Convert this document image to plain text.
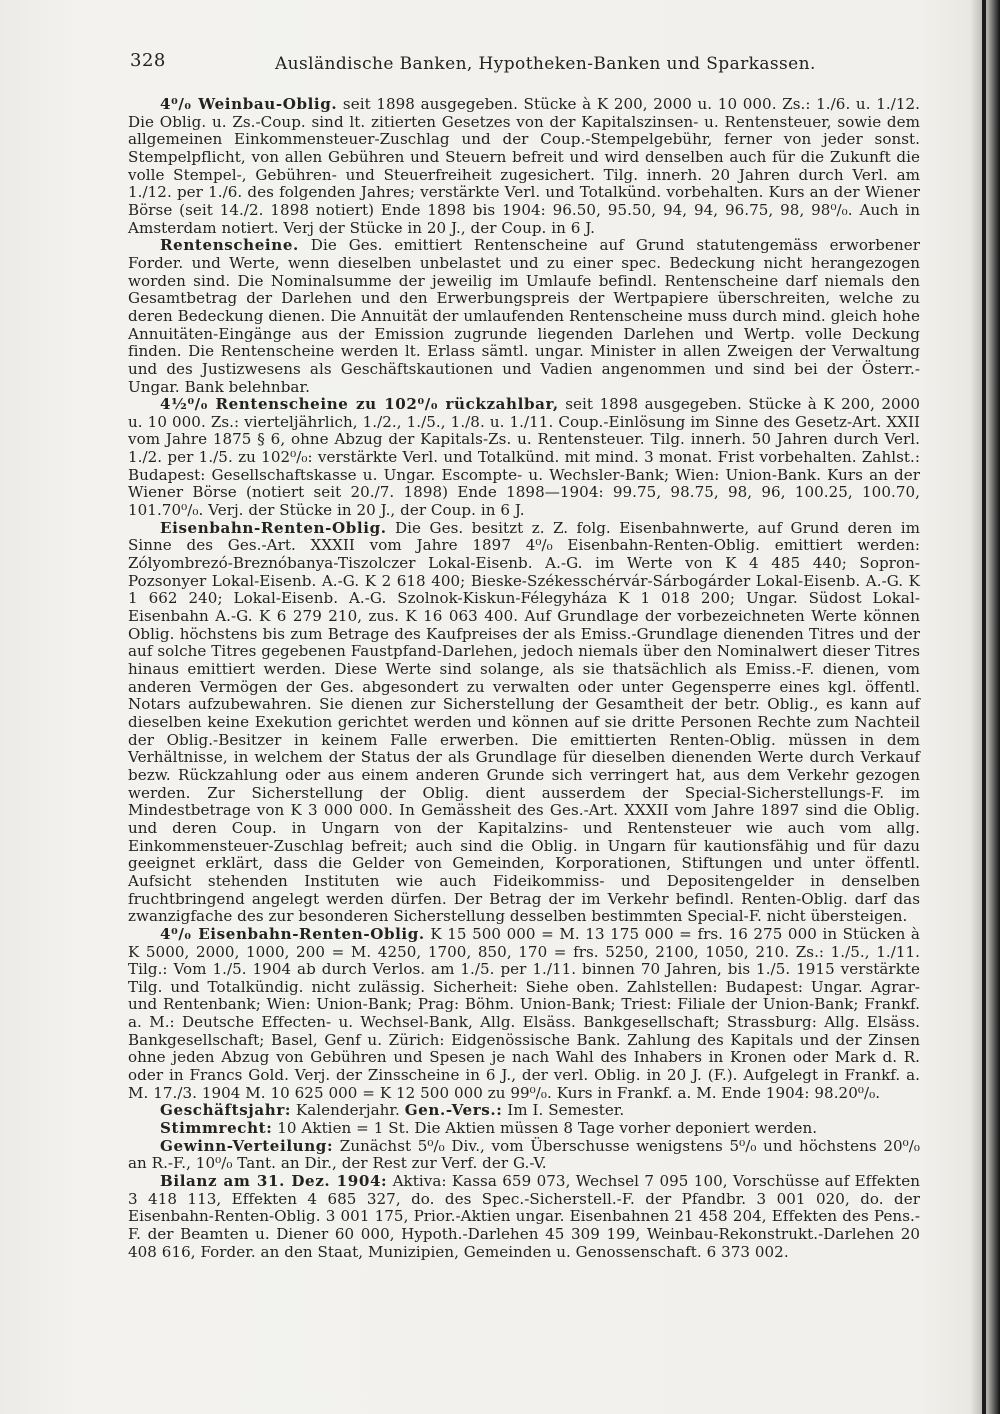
328	Ausländische Banken, Hypotheken-Banken und Sparkassen.

4⁰/₀ Weinbau-Oblig. seit 1898 ausgegeben. Stücke à K 200, 2000 u. 10 000. Zs.: 1./6. u. 1./12. Die Oblig. u. Zs.-Coup. sind lt. zitierten Gesetzes von der Kapitalszinsen- u. Rentensteuer, sowie dem allgemeinen Einkommensteuer-Zuschlag und der Coup.-Stempelgebühr, ferner von jeder sonst. Stempelpflicht, von allen Gebühren und Steuern befreit und wird denselben auch für die Zukunft die volle Stempel-, Gebühren- und Steuerfreiheit zugesichert. Tilg. innerh. 20 Jahren durch Verl. am 1./12. per 1./6. des folgenden Jahres; verstärkte Verl. und Totalkünd. vorbehalten. Kurs an der Wiener Börse (seit 14./2. 1898 notiert) Ende 1898 bis 1904: 96.50, 95.50, 94, 94, 96.75, 98, 98⁰/₀. Auch in Amsterdam notiert. Verj der Stücke in 20 J., der Coup. in 6 J.

Rentenscheine. Die Ges. emittiert Rentenscheine auf Grund statutengemäss erworbener Forder. und Werte, wenn dieselben unbelastet und zu einer spec. Bedeckung nicht herangezogen worden sind. Die Nominalsumme der jeweilig im Umlaufe befindl. Rentenscheine darf niemals den Gesamtbetrag der Darlehen und den Erwerbungspreis der Wertpapiere überschreiten, welche zu deren Bedeckung dienen. Die Annuität der umlaufenden Rentenscheine muss durch mind. gleich hohe Annuitäten-Eingänge aus der Emission zugrunde liegenden Darlehen und Wertp. volle Deckung finden. Die Rentenscheine werden lt. Erlass sämtl. ungar. Minister in allen Zweigen der Verwaltung und des Justizwesens als Geschäftskautionen und Vadien angenommen und sind bei der Österr.-Ungar. Bank belehnbar.

4½⁰/₀ Rentenscheine zu 102⁰/₀ rückzahlbar, seit 1898 ausgegeben. Stücke à K 200, 2000 u. 10 000. Zs.: vierteljährlich, 1./2., 1./5., 1./8. u. 1./11. Coup.-Einlösung im Sinne des Gesetz-Art. XXII vom Jahre 1875 § 6, ohne Abzug der Kapitals-Zs. u. Rentensteuer. Tilg. innerh. 50 Jahren durch Verl. 1./2. per 1./5. zu 102⁰/₀: verstärkte Verl. und Totalkünd. mit mind. 3 monat. Frist vorbehalten. Zahlst.: Budapest: Gesellschaftskasse u. Ungar. Escompte- u. Wechsler-Bank; Wien: Union-Bank. Kurs an der Wiener Börse (notiert seit 20./7. 1898) Ende 1898—1904: 99.75, 98.75, 98, 96, 100.25, 100.70, 101.70⁰/₀. Verj. der Stücke in 20 J., der Coup. in 6 J.

Eisenbahn-Renten-Oblig. Die Ges. besitzt z. Z. folg. Eisenbahnwerte, auf Grund deren im Sinne des Ges.-Art. XXXII vom Jahre 1897 4⁰/₀ Eisenbahn-Renten-Oblig. emittiert werden: Zólyombrezó-Breznóbanya-Tiszolczer Lokal-Eisenb. A.-G. im Werte von K 4 485 440; Sopron-Pozsonyer Lokal-Eisenb. A.-G. K 2 618 400; Bieske-Székesschérvár-Sárbogárder Lokal-Eisenb. A.-G. K 1 662 240; Lokal-Eisenb. A.-G. Szolnok-Kiskun-Félegyháza K 1 018 200; Ungar. Südost Lokal-Eisenbahn A.-G. K 6 279 210, zus. K 16 063 400. Auf Grundlage der vorbezeichneten Werte können Oblig. höchstens bis zum Betrage des Kaufpreises der als Emiss.-Grundlage dienenden Titres und der auf solche Titres gegebenen Faustpfand-Darlehen, jedoch niemals über den Nominalwert dieser Titres hinaus emittiert werden. Diese Werte sind solange, als sie thatsächlich als Emiss.-F. dienen, vom anderen Vermögen der Ges. abgesondert zu verwalten oder unter Gegensperre eines kgl. öffentl. Notars aufzubewahren. Sie dienen zur Sicherstellung der Gesamtheit der betr. Oblig., es kann auf dieselben keine Exekution gerichtet werden und können auf sie dritte Personen Rechte zum Nachteil der Oblig.-Besitzer in keinem Falle erwerben. Die emittierten Renten-Oblig. müssen in dem Verhältnisse, in welchem der Status der als Grundlage für dieselben dienenden Werte durch Verkauf bezw. Rückzahlung oder aus einem anderen Grunde sich verringert hat, aus dem Verkehr gezogen werden. Zur Sicherstellung der Oblig. dient ausserdem der Special-Sicherstellungs-F. im Mindestbetrage von K 3 000 000. In Gemässheit des Ges.-Art. XXXII vom Jahre 1897 sind die Oblig. und deren Coup. in Ungarn von der Kapitalzins- und Rentensteuer wie auch vom allg. Einkommensteuer-Zuschlag befreit; auch sind die Oblig. in Ungarn für kautionsfähig und für dazu geeignet erklärt, dass die Gelder von Gemeinden, Korporationen, Stiftungen und unter öffentl. Aufsicht stehenden Instituten wie auch Fideikommiss- und Depositengelder in denselben fruchtbringend angelegt werden dürfen. Der Betrag der im Verkehr befindl. Renten-Oblig. darf das zwanzigfache des zur besonderen Sicherstellung desselben bestimmten Special-F. nicht übersteigen.

4⁰/₀ Eisenbahn-Renten-Oblig. K 15 500 000 = M. 13 175 000 = frs. 16 275 000 in Stücken à K 5000, 2000, 1000, 200 = M. 4250, 1700, 850, 170 = frs. 5250, 2100, 1050, 210. Zs.: 1./5., 1./11. Tilg.: Vom 1./5. 1904 ab durch Verlos. am 1./5. per 1./11. binnen 70 Jahren, bis 1./5. 1915 verstärkte Tilg. und Totalkündig. nicht zulässig. Sicherheit: Siehe oben. Zahlstellen: Budapest: Ungar. Agrar- und Rentenbank; Wien: Union-Bank; Prag: Böhm. Union-Bank; Triest: Filiale der Union-Bank; Frankf. a. M.: Deutsche Effecten- u. Wechsel-Bank, Allg. Elsäss. Bankgesellschaft; Strassburg: Allg. Elsäss. Bankgesellschaft; Basel, Genf u. Zürich: Eidgenössische Bank. Zahlung des Kapitals und der Zinsen ohne jeden Abzug von Gebühren und Spesen je nach Wahl des Inhabers in Kronen oder Mark d. R. oder in Francs Gold. Verj. der Zinsscheine in 6 J., der verl. Oblig. in 20 J. (F.). Aufgelegt in Frankf. a. M. 17./3. 1904 M. 10 625 000 = K 12 500 000 zu 99⁰/₀. Kurs in Frankf. a. M. Ende 1904: 98.20⁰/₀.

Geschäftsjahr: Kalenderjahr. Gen.-Vers.: Im I. Semester.

Stimmrecht: 10 Aktien = 1 St. Die Aktien müssen 8 Tage vorher deponiert werden.

Gewinn-Verteilung: Zunächst 5⁰/₀ Div., vom Überschusse wenigstens 5⁰/₀ und höchstens 20⁰/₀ an R.-F., 10⁰/₀ Tant. an Dir., der Rest zur Verf. der G.-V.

Bilanz am 31. Dez. 1904: Aktiva: Kassa 659 073, Wechsel 7 095 100, Vorschüsse auf Effekten 3 418 113, Effekten 4 685 327, do. des Spec.-Sicherstell.-F. der Pfandbr. 3 001 020, do. der Eisenbahn-Renten-Oblig. 3 001 175, Prior.-Aktien ungar. Eisenbahnen 21 458 204, Effekten des Pens.-F. der Beamten u. Diener 60 000, Hypoth.-Darlehen 45 309 199, Weinbau-Rekonstrukt.-Darlehen 20 408 616, Forder. an den Staat, Munizipien, Gemeinden u. Genossenschaft. 6 373 002.
